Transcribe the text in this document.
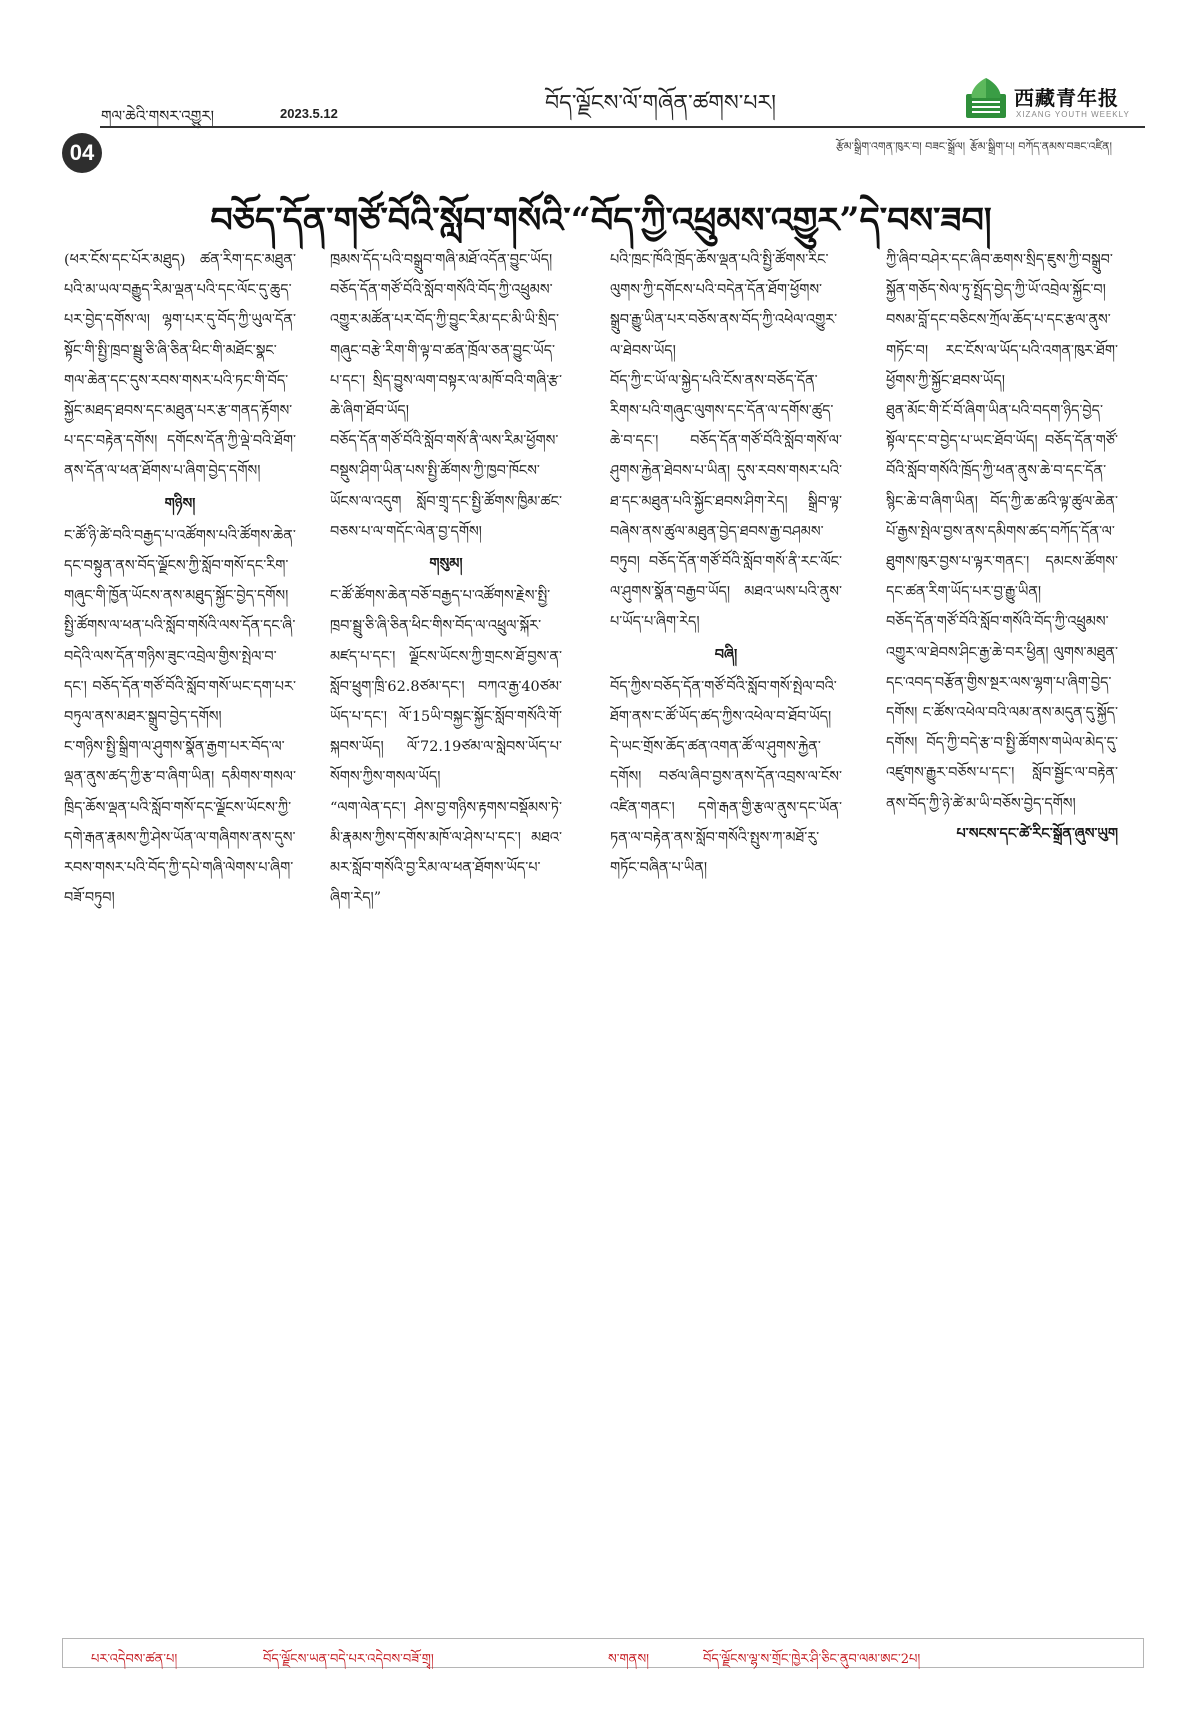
གལ་ཆེའི་གསར་འགྱུར།	2023.5.12	བོད་ལྗོངས་ལོ་གཞོན་ཚགས་པར།	西藏青年报
XIZANG YOUTH WEEKLY
04	རྩོམ་སྒྲིག་འགན་ཁུར་བ། བཟང་སྒྲོལ། རྩོམ་སྒྲིག་པ། བཀོད་ནམས་བཟང་འཛིན།
བཅོད་དོན་གཙོ་བོའི་སློབ་གསོའི་“བོད་ཀྱི་འཕྲུམས་འགྱུར”དེ་བས་ཟབ།

(ཕར་ངོས་དང་པོར་མཐུད) ཚན་རིག་དང་མཐུན་པའི་མ་ཡལ་བརྒྱུད་རིམ་ལྡན་པའི་དང་ལོང་དུ་ཆུད་པར་བྱེད་དགོས་ལ། ལྷག་པར་དུ་བོད་ཀྱི་ཡུལ་དོན་སྟོང་གི་སྤྱི་ཁྲབ་སྦྲུ་ཅི་ཞི་ཅིན་ཕིང་གི་མཐོང་སྣང་གལ་ཆེན་དང་དུས་རབས་གསར་པའི་ཏང་གི་བོད་སྐྱོང་མཐད་ཐབས་དང་མཐུན་པར་རྩ་གནད་རྟོགས་པ་དང་བརྟེན་དགོས། དགོངས་དོན་ཀྱི་ལྡེ་བའི་ཐོག་ནས་དོན་ལ་ཕན་ཐོགས་པ་ཞིག་བྱེད་དགོས།

གཉིས།

ང་ཚོ་ཉི་ཚེ་བའི་བརྒྱད་པ་འཚོགས་པའི་ཚོགས་ཆེན་དང་བསྟུན་ནས་བོད་ལྗོངས་ཀྱི་སློབ་གསོ་དང་རིག་གཞུང་གི་ཁྱོན་ཡོངས་ནས་མཐུད་སྐྱོང་བྱེད་དགོས། སྤྱི་ཚོགས་ལ་ཕན་པའི་སློབ་གསོའི་ལས་དོན་དང་ཞི་བདེའི་ལས་དོན་གཉིས་ཟུང་འབྲེལ་གྱིས་སྤེལ་བ་དང་། བཅོད་དོན་གཙོ་བོའི་སློབ་གསོ་ཡང་དག་པར་བཏུལ་ནས་མཐར་སྒྲུབ་བྱེད་དགོས།

ང་གཉིས་སྤྱི་སྒྲིག་ལ་ཤུགས་སྣོན་རྒྱག་པར་བོད་ལ་ལྡན་ནུས་ཚད་ཀྱི་རྩ་བ་ཞིག་ཡིན། དམིགས་གསལ་ཁྲིད་ཆོས་ལྡན་པའི་སློབ་གསོ་དང་ལྗོངས་ཡོངས་ཀྱི་དགེ་རྒན་རྣམས་ཀྱི་ཤེས་ཡོན་ལ་གཞིགས་ནས་དུས་རབས་གསར་པའི་བོད་ཀྱི་དཔེ་གཞི་ལེགས་པ་ཞིག་བཟོ་བཏུབ།

ཁྲམས་དོད་པའི་བསྒྲུབ་གཞི་མཐོ་འདོན་བྱུང་ཡོད། བཅོད་དོན་གཙོ་བོའི་སློབ་གསོའི་བོད་ཀྱི་འཕྲུམས་འགྱུར་མཚོན་པར་བོད་ཀྱི་བྱུང་རིམ་དང་མི་ཡི་སྲིད་གཞུང་བརྩེ་རིག་གི་ལྟ་བ་ཚན་ཁྲོལ་ཅན་བྱུང་ཡོད་པ་དང་། སྲིད་བྱུས་ལག་བསྟར་ལ་མཁོ་བའི་གཞི་རྩ་ཆེ་ཞིག་ཐོབ་ཡོད།

བཅོད་དོན་གཙོ་བོའི་སློབ་གསོ་ནི་ལས་རིམ་ཕྱོགས་བསྡུས་ཤིག་ཡིན་པས་སྤྱི་ཚོགས་ཀྱི་ཁྱབ་ཁོངས་ཡོངས་ལ་འདུག སློབ་གྲྭ་དང་སྤྱི་ཚོགས་ཁྱིམ་ཚང་བཅས་པ་ལ་གདོང་ལེན་བྱ་དགོས།

གསུམ།

ང་ཚོ་ཚོགས་ཆེན་བཅོ་བརྒྱད་པ་འཚོགས་རྗེས་སྤྱི་ཁྲབ་སྦྲུ་ཅི་ཞི་ཅིན་ཕིང་གིས་བོད་ལ་འཕྲུལ་སྐོར་མཛད་པ་དང་། ལྗོངས་ཡོངས་ཀྱི་གྲངས་ཐོ་བྱས་ན་སློབ་ཕྲུག་ཁྲི་62.8ཙམ་དང་། བཀའ་རྒྱ་40ཙམ་ཡོད་པ་དང་། ལོ་15ཡི་བསྐྱང་སྐྱོང་སློབ་གསོའི་གོ་སྐབས་ཡོད། ལོ་72.19ཙམ་ལ་སླེབས་ཡོད་པ་སོགས་ཀྱིས་གསལ་ཡོད།

“ལག་ལེན་དང་། ཤེས་བྱ་གཉིས་རྟགས་བསྡོམས་ཏེ་མི་རྣམས་ཀྱིས་དགོས་མཁོ་ལ་ཤེས་པ་དང་། མཐའ་མར་སློབ་གསོའི་བྱ་རིམ་ལ་ཕན་ཐོགས་ཡོད་པ་ཞིག་རེད།”

པའི་ཁྲང་ཁོའི་ཁྲོད་ཆོས་ལྡན་པའི་སྤྱི་ཚོགས་རིང་ལུགས་ཀྱི་དགོངས་པའི་བདེན་དོན་ཐོག་ཕྱོགས་སྒྲུབ་རྒྱུ་ཡིན་པར་བཅོས་ནས་བོད་ཀྱི་འཕེལ་འགྱུར་ལ་ཐེབས་ཡོད།

བོད་ཀྱི་ང་ཡོ་ལ་སྐྱེད་པའི་ངོས་ནས་བཅོད་དོན་རིགས་པའི་གཞུང་ལུགས་དང་དོན་ལ་དགོས་ཚུད་ཆེ་བ་དང་། བཅོད་དོན་གཙོ་བོའི་སློབ་གསོ་ལ་ཤུགས་རྐྱེན་ཐེབས་པ་ཡིན། དུས་རབས་གསར་པའི་ཐ་དང་མཐུན་པའི་སྐྱོང་ཐབས་ཤིག་རེད། སྒྲིབ་ལྟ་བཞེས་ནས་ཚུལ་མཐུན་བྱེད་ཐབས་རྒྱ་བཤམས་བཏུབ། བཅོད་དོན་གཙོ་བོའི་སློབ་གསོ་ནི་རང་ལོང་ལ་ཤུགས་སྣོན་བརྒྱབ་ཡོད། མཐའ་ཡས་པའི་ནུས་པ་ཡོད་པ་ཞིག་རེད།

བཞི།

བོད་ཀྱིས་བཅོད་དོན་གཙོ་བོའི་སློབ་གསོ་སྤེལ་བའི་ཐོག་ནས་ང་ཚོ་ཡོད་ཚད་ཀྱིས་འཕེལ་བ་ཐོབ་ཡོད། དེ་ཡང་གྲོས་ཆོད་ཚན་འགན་ཚོ་ལ་ཤུགས་རྐྱེན་དགོས། བཙལ་ཞིབ་བྱས་ནས་དོན་འབྲས་ལ་ངོས་འཛིན་གནང་། དགེ་རྒན་གྱི་རྩལ་ནུས་དང་ཡོན་ཏན་ལ་བརྟེན་ནས་སློབ་གསོའི་སྤུས་ཀ་མཐོ་རུ་གཏོང་བཞིན་པ་ཡིན།

ཀྱི་ཞིབ་བཤེར་དང་ཞིབ་ཆགས་སྲིད་ཇུས་ཀྱི་བསྒྲུབ་སྐྱོན་གཅོད་སེལ་ཏུ་སྤྲོད་བྱེད་ཀྱི་ཡོ་འབྲེལ་སྐྱོང་བ། བསམ་བློ་དང་བཅིངས་ཀྲོལ་ཆོད་པ་དང་རྩལ་ནུས་གཏོང་བ། རང་ངོས་ལ་ཡོད་པའི་འགན་ཁུར་ཐོག་ཕྱོགས་ཀྱི་སྐྱོང་ཐབས་ཡོད།

ཐུན་མོང་གི་ངོ་བོ་ཞིག་ཡིན་པའི་བདག་ཉིད་བྱེད་སྟོལ་དང་བ་བྱེད་པ་ཡང་ཐོབ་ཡོད། བཅོད་དོན་གཙོ་བོའི་སློབ་གསོའི་ཁྲོད་ཀྱི་ཕན་ནུས་ཆེ་བ་དང་དོན་སྙིང་ཆེ་བ་ཞིག་ཡིན། བོད་ཀྱི་ཆ་ཚའི་ལྟ་ཚུལ་ཆེན་པོ་རྒྱས་སྤེལ་བྱས་ནས་དམིགས་ཚད་བཀོད་དོན་ལ་ཐུགས་ཁུར་བྱས་པ་ལྟར་གནང་། དམངས་ཚོགས་དང་ཚན་རིག་ཡོད་པར་བྱ་རྒྱུ་ཡིན།

བཅོད་དོན་གཙོ་བོའི་སློབ་གསོའི་བོད་ཀྱི་འཕྲུམས་འགྱུར་ལ་ཐེབས་ཤིང་རྒྱ་ཆེ་བར་ཕྱིན། ལུགས་མཐུན་དང་འབད་བརྩོན་གྱིས་སྔར་ལས་ལྷག་པ་ཞིག་བྱེད་དགོས། ང་ཚོས་འཕེལ་བའི་ལམ་ནས་མདུན་དུ་སྐྱོད་དགོས། བོད་ཀྱི་བདེ་རྩ་བ་སྤྱི་ཚོགས་གཡེལ་མེད་དུ་འཛུགས་རྒྱུར་བཅོས་པ་དང་། སློབ་སྦྱོང་ལ་བརྟེན་ནས་བོད་ཀྱི་ཉེ་ཚེ་མ་ཡི་བཅོས་བྱེད་དགོས།

པ་སངས་དང་ཚེ་རིང་སྒྲོན་ཞུས་ཡུག

པར་འདེབས་ཚན་པ།	བོད་ལྗོངས་ཡན་བདེ་པར་འདེབས་བཟོ་གྲྭ།	ས་གནས།	བོད་ལྗོངས་ལྷ་ས་གྲོང་ཁྱེར་ཤི་ཅིང་ནུབ་ལམ་ཨང་2པ།
